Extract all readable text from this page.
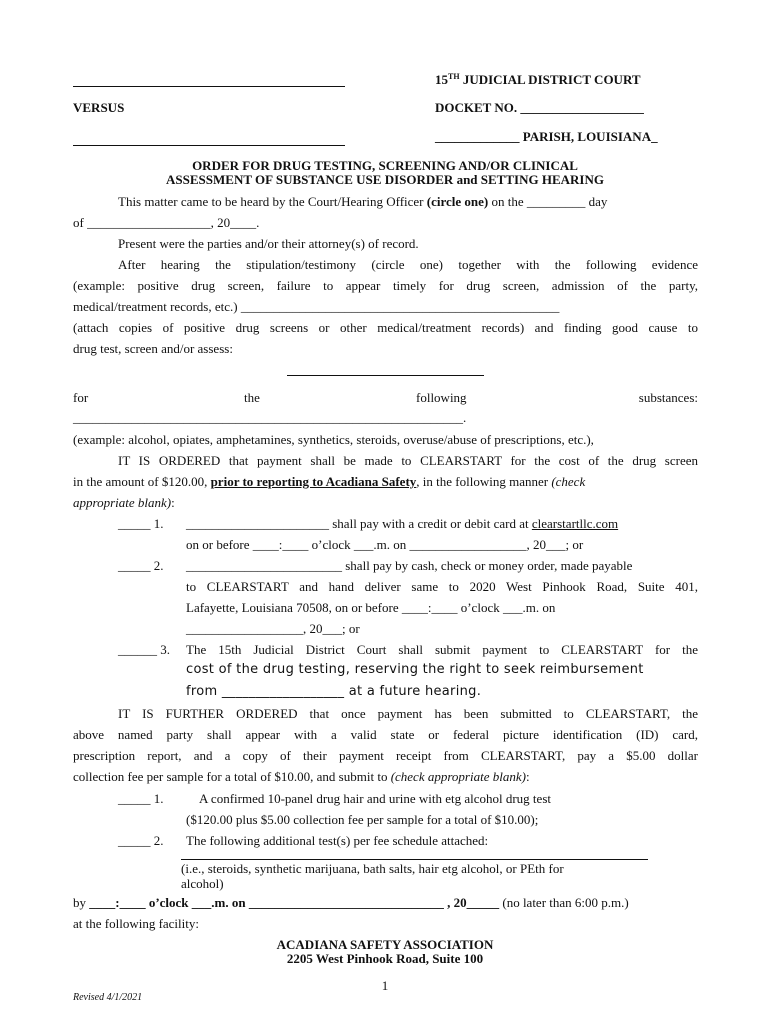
15TH JUDICIAL DISTRICT COURT
VERSUS	DOCKET NO. ___________________
_____________ PARISH, LOUISIANA_
ORDER FOR DRUG TESTING, SCREENING AND/OR CLINICAL
ASSESSMENT OF SUBSTANCE USE DISORDER and SETTING HEARING
This matter came to be heard by the Court/Hearing Officer (circle one) on the _________ day
of ___________________, 20____.
Present were the parties and/or their attorney(s) of record.
After hearing the stipulation/testimony (circle one) together with the following evidence
(example: positive drug screen, failure to appear timely for drug screen, admission of the party,
medical/treatment records, etc.) _________________________________________________
(attach copies of positive drug screens or other medical/treatment records) and finding good cause to
drug test, screen and/or assess:
for	the	following	substances:
____________________________________________________________.
(example: alcohol, opiates, amphetamines, synthetics, steroids, overuse/abuse of prescriptions, etc.),
IT IS ORDERED that payment shall be made to CLEARSTART for the cost of the drug screen
in the amount of $120.00, prior to reporting to Acadiana Safety, in the following manner (check
appropriate blank):
_____ 1. ______________________ shall pay with a credit or debit card at clearstartllc.com
on or before ____:____ o’clock ___.m. on __________________, 20___; or
_____ 2. ________________________ shall pay by cash, check or money order, made payable
to CLEARSTART and hand deliver same to 2020 West Pinhook Road, Suite 401,
Lafayette, Louisiana 70508, on or before ____:____ o’clock ___.m. on
__________________, 20___; or
______ 3. The 15th Judicial District Court shall submit payment to CLEARSTART for the
cost of the drug testing, reserving the right to seek reimbursement
from __________________ at a future hearing.
IT IS FURTHER ORDERED that once payment has been submitted to CLEARSTART, the
above named party shall appear with a valid state or federal picture identification (ID) card,
prescription report, and a copy of their payment receipt from CLEARSTART, pay a $5.00 dollar
collection fee per sample for a total of $10.00, and submit to (check appropriate blank):
_____ 1.	A confirmed 10-panel drug hair and urine with etg alcohol drug test
($120.00 plus $5.00 collection fee per sample for a total of $10.00);
_____ 2. The following additional test(s) per fee schedule attached:
(i.e., steroids, synthetic marijuana, bath salts, hair etg alcohol, or PEth for
alcohol)
by ____:____ o’clock ___.m. on ______________________________ , 20_____ (no later than 6:00 p.m.)
at the following facility:
ACADIANA SAFETY ASSOCIATION
2205 West Pinhook Road, Suite 100
1
Revised 4/1/2021
